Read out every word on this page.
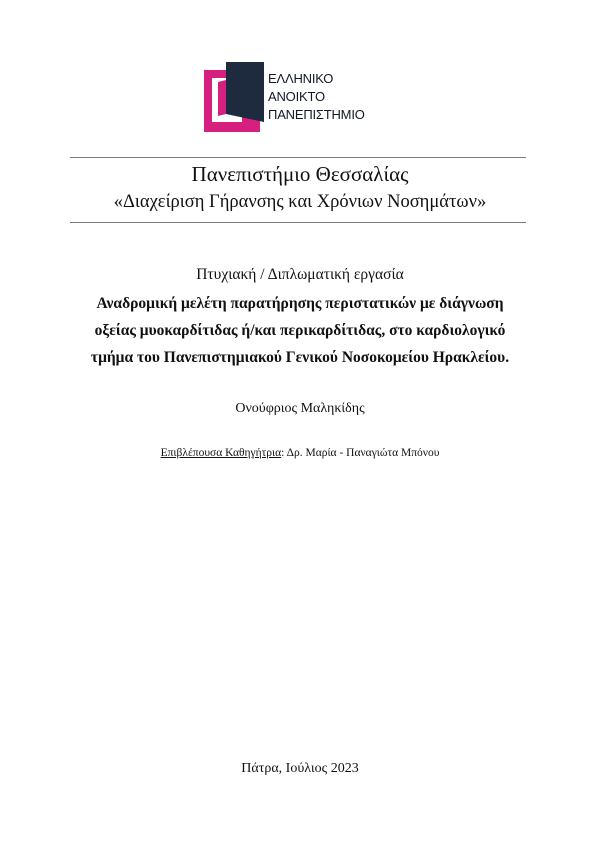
ΕΛΛΗΝΙΚΟ
ΑΝΟΙΚΤΟ
ΠΑΝΕΠΙΣΤΗΜΙΟ
Πανεπιστήμιο Θεσσαλίας
«Διαχείριση Γήρανσης και Χρόνιων Νοσημάτων»
Πτυχιακή / Διπλωματική εργασία
Αναδρομική μελέτη παρατήρησης περιστατικών με διάγνωση
οξείας μυοκαρδίτιδας ή/και περικαρδίτιδας, στο καρδιολογικό
τμήμα του Πανεπιστημιακού Γενικού Νοσοκομείου Ηρακλείου.
Ονούφριος Μαληκίδης
Επιβλέπουσα Καθηγήτρια: Δρ. Μαρία - Παναγιώτα Μπόνου
Πάτρα, Ιούλιος 2023
